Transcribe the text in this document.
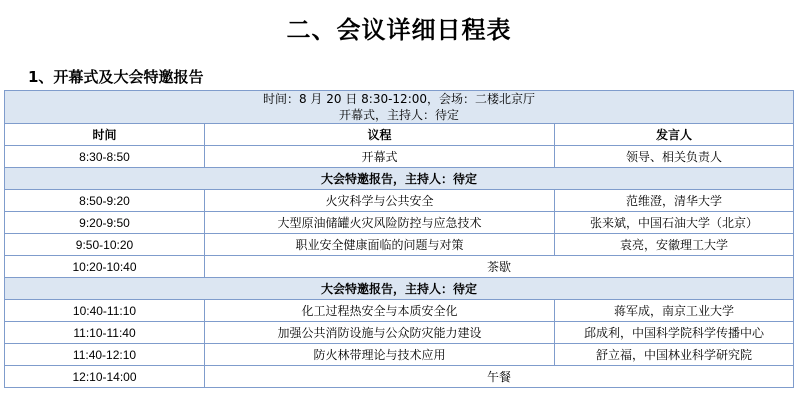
二、会议详细日程表
1、开幕式及大会特邀报告
时间：8 月 20 日 8:30-12:00，会场：二楼北京厅
开幕式，主持人：待定		

时间	议程	发言人
8:30-8:50	开幕式	领导、相关负责人
大会特邀报告，主持人：待定		
8:50-9:20	火灾科学与公共安全	范维澄，清华大学
9:20-9:50	大型原油储罐火灾风险防控与应急技术	张来斌，中国石油大学（北京）
9:50-10:20	职业安全健康面临的问题与对策	袁亮，安徽理工大学
10:20-10:40	茶歇	
大会特邀报告，主持人：待定		
10:40-11:10	化工过程热安全与本质安全化	蒋军成，南京工业大学
11:10-11:40	加强公共消防设施与公众防灾能力建设	邱成利，中国科学院科学传播中心
11:40-12:10	防火林带理论与技术应用	舒立福，中国林业科学研究院
12:10-14:00	午餐	
